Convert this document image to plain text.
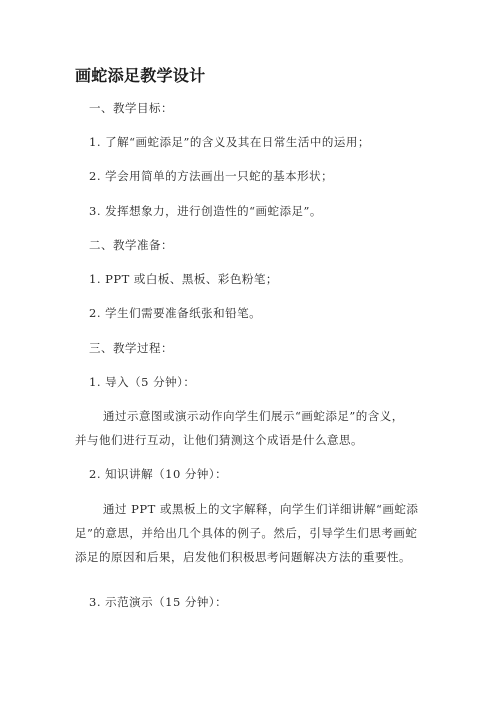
画蛇添足教学设计
一、教学目标：
1. 了解“画蛇添足”的含义及其在日常生活中的运用；
2. 学会用简单的方法画出一只蛇的基本形状；
3. 发挥想象力，进行创造性的“画蛇添足”。
二、教学准备：
1. PPT 或白板、黑板、彩色粉笔；
2. 学生们需要准备纸张和铅笔。
三、教学过程：
1. 导入（5 分钟）：
通过示意图或演示动作向学生们展示“画蛇添足”的含义，
并与他们进行互动，让他们猜测这个成语是什么意思。
2. 知识讲解（10 分钟）：
通过 PPT 或黑板上的文字解释，向学生们详细讲解“画蛇添
足”的意思，并给出几个具体的例子。然后，引导学生们思考画蛇
添足的原因和后果，启发他们积极思考问题解决方法的重要性。
3. 示范演示（15 分钟）：
